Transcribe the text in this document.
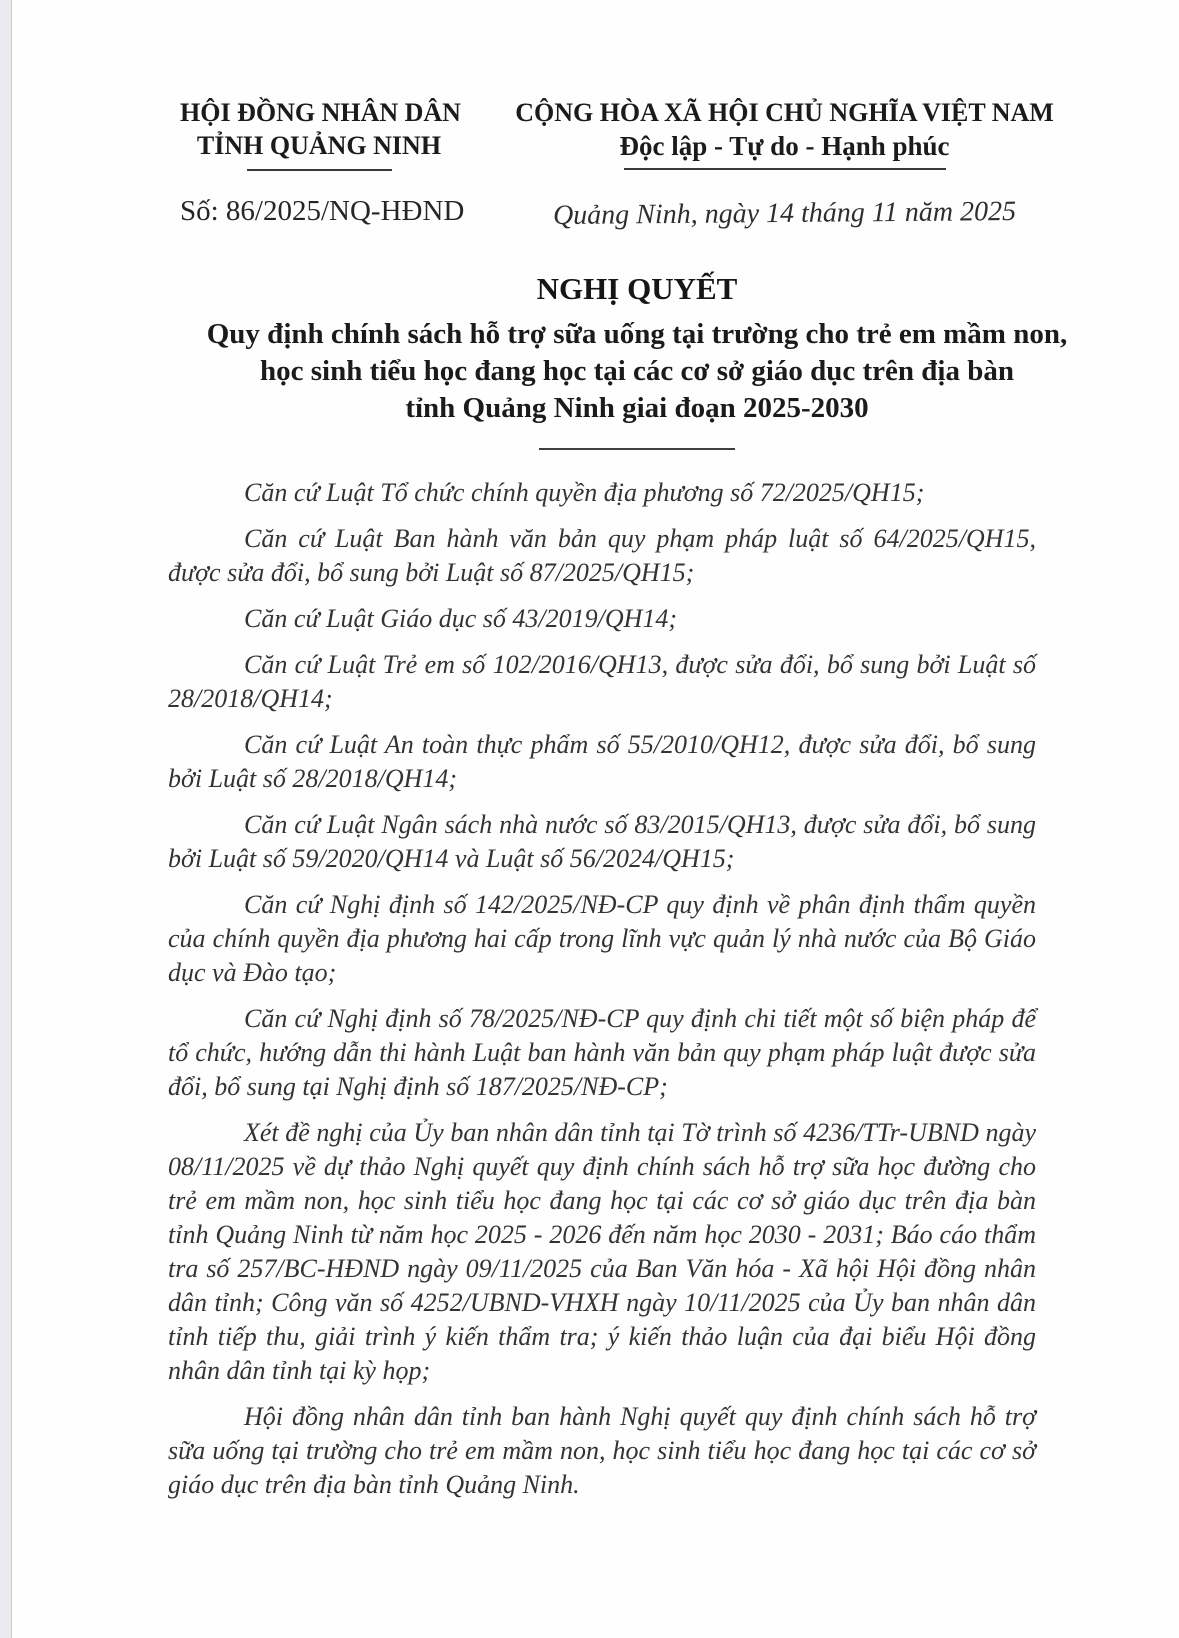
HỘI ĐỒNG NHÂN DÂN
TỈNH QUẢNG NINH
Số: 86/2025/NQ-HĐND
CỘNG HÒA XÃ HỘI CHỦ NGHĨA VIỆT NAM
Độc lập - Tự do - Hạnh phúc
Quảng Ninh, ngày 14 tháng 11 năm 2025
NGHỊ QUYẾT
Quy định chính sách hỗ trợ sữa uống tại trường cho trẻ em mầm non,
học sinh tiểu học đang học tại các cơ sở giáo dục trên địa bàn
tỉnh Quảng Ninh giai đoạn 2025-2030

Căn cứ Luật Tổ chức chính quyền địa phương số 72/2025/QH15;

Căn cứ Luật Ban hành văn bản quy phạm pháp luật số 64/2025/QH15, được sửa đổi, bổ sung bởi Luật số 87/2025/QH15;

Căn cứ Luật Giáo dục số 43/2019/QH14;

Căn cứ Luật Trẻ em số 102/2016/QH13, được sửa đổi, bổ sung bởi Luật số 28/2018/QH14;

Căn cứ Luật An toàn thực phẩm số 55/2010/QH12, được sửa đổi, bổ sung bởi Luật số 28/2018/QH14;

Căn cứ Luật Ngân sách nhà nước số 83/2015/QH13, được sửa đổi, bổ sung bởi Luật số 59/2020/QH14 và Luật số 56/2024/QH15;

Căn cứ Nghị định số 142/2025/NĐ-CP quy định về phân định thẩm quyền của chính quyền địa phương hai cấp trong lĩnh vực quản lý nhà nước của Bộ Giáo dục và Đào tạo;

Căn cứ Nghị định số 78/2025/NĐ-CP quy định chi tiết một số biện pháp để tổ chức, hướng dẫn thi hành Luật ban hành văn bản quy phạm pháp luật được sửa đổi, bổ sung tại Nghị định số 187/2025/NĐ-CP;

Xét đề nghị của Ủy ban nhân dân tỉnh tại Tờ trình số 4236/TTr-UBND ngày 08/11/2025 về dự thảo Nghị quyết quy định chính sách hỗ trợ sữa học đường cho trẻ em mầm non, học sinh tiểu học đang học tại các cơ sở giáo dục trên địa bàn tỉnh Quảng Ninh từ năm học 2025 - 2026 đến năm học 2030 - 2031; Báo cáo thẩm tra số 257/BC-HĐND ngày 09/11/2025 của Ban Văn hóa - Xã hội Hội đồng nhân dân tỉnh; Công văn số 4252/UBND-VHXH ngày 10/11/2025 của Ủy ban nhân dân tỉnh tiếp thu, giải trình ý kiến thẩm tra; ý kiến thảo luận của đại biểu Hội đồng nhân dân tỉnh tại kỳ họp;

Hội đồng nhân dân tỉnh ban hành Nghị quyết quy định chính sách hỗ trợ sữa uống tại trường cho trẻ em mầm non, học sinh tiểu học đang học tại các cơ sở giáo dục trên địa bàn tỉnh Quảng Ninh.
